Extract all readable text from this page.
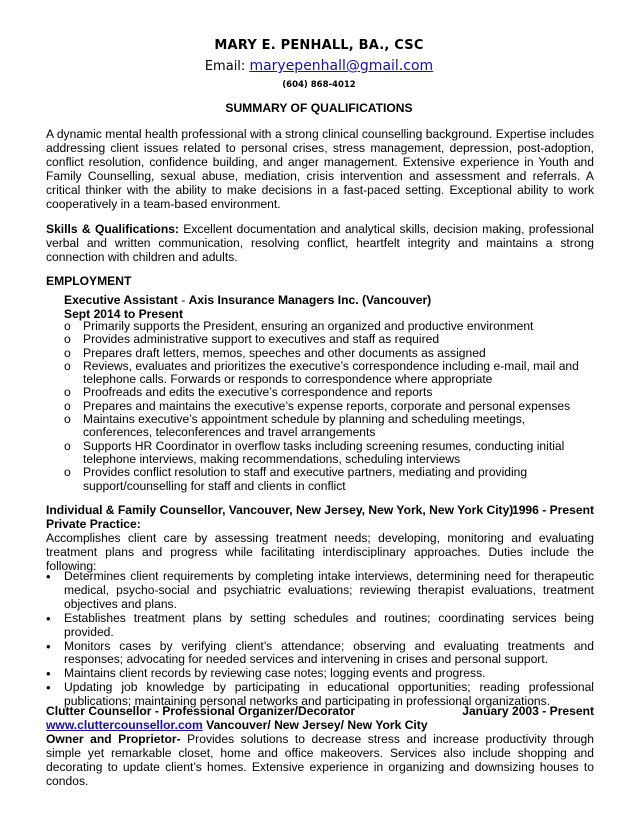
MARY E. PENHALL, BA., CSC
Email: maryepenhall@gmail.com
(604) 868-4012
SUMMARY OF QUALIFICATIONS
A dynamic mental health professional with a strong clinical counselling background. Expertise includes addressing client issues related to personal crises, stress management, depression, post-adoption, conflict resolution, confidence building, and anger management. Extensive experience in Youth and Family Counselling, sexual abuse, mediation, crisis intervention and assessment and referrals. A critical thinker with the ability to make decisions in a fast-paced setting. Exceptional ability to work cooperatively in a team-based environment.
Skills & Qualifications: Excellent documentation and analytical skills, decision making, professional verbal and written communication, resolving conflict, heartfelt integrity and maintains a strong connection with children and adults.
EMPLOYMENT
Executive Assistant - Axis Insurance Managers Inc. (Vancouver)
Sept 2014 to Present
o Primarily supports the President, ensuring an organized and productive environment
o Provides administrative support to executives and staff as required
o Prepares draft letters, memos, speeches and other documents as assigned
o Reviews, evaluates and prioritizes the executive’s correspondence including e-mail, mail and telephone calls. Forwards or responds to correspondence where appropriate
o Proofreads and edits the executive’s correspondence and reports
o Prepares and maintains the executive’s expense reports, corporate and personal expenses
o Maintains executive’s appointment schedule by planning and scheduling meetings, conferences, teleconferences and travel arrangements
o Supports HR Coordinator in overflow tasks including screening resumes, conducting initial telephone interviews, making recommendations, scheduling interviews
o Provides conflict resolution to staff and executive partners, mediating and providing support/counselling for staff and clients in conflict
Individual & Family Counsellor, Vancouver, New Jersey, New York, New York City)
1996 - Present
Private Practice:
Accomplishes client care by assessing treatment needs; developing, monitoring and evaluating treatment plans and progress while facilitating interdisciplinary approaches. Duties include the following:
• Determines client requirements by completing intake interviews, determining need for therapeutic medical, psycho-social and psychiatric evaluations; reviewing therapist evaluations, treatment objectives and plans.
• Establishes treatment plans by setting schedules and routines; coordinating services being provided.
• Monitors cases by verifying client’s attendance; observing and evaluating treatments and responses; advocating for needed services and intervening in crises and personal support.
• Maintains client records by reviewing case notes; logging events and progress.
• Updating job knowledge by participating in educational opportunities; reading professional publications; maintaining personal networks and participating in professional organizations.
Clutter Counsellor - Professional Organizer/Decorator	January 2003 - Present
www.cluttercounsellor.com Vancouver/ New Jersey/ New York City
Owner and Proprietor- Provides solutions to decrease stress and increase productivity through simple yet remarkable closet, home and office makeovers. Services also include shopping and decorating to update client’s homes. Extensive experience in organizing and downsizing houses to condos.
